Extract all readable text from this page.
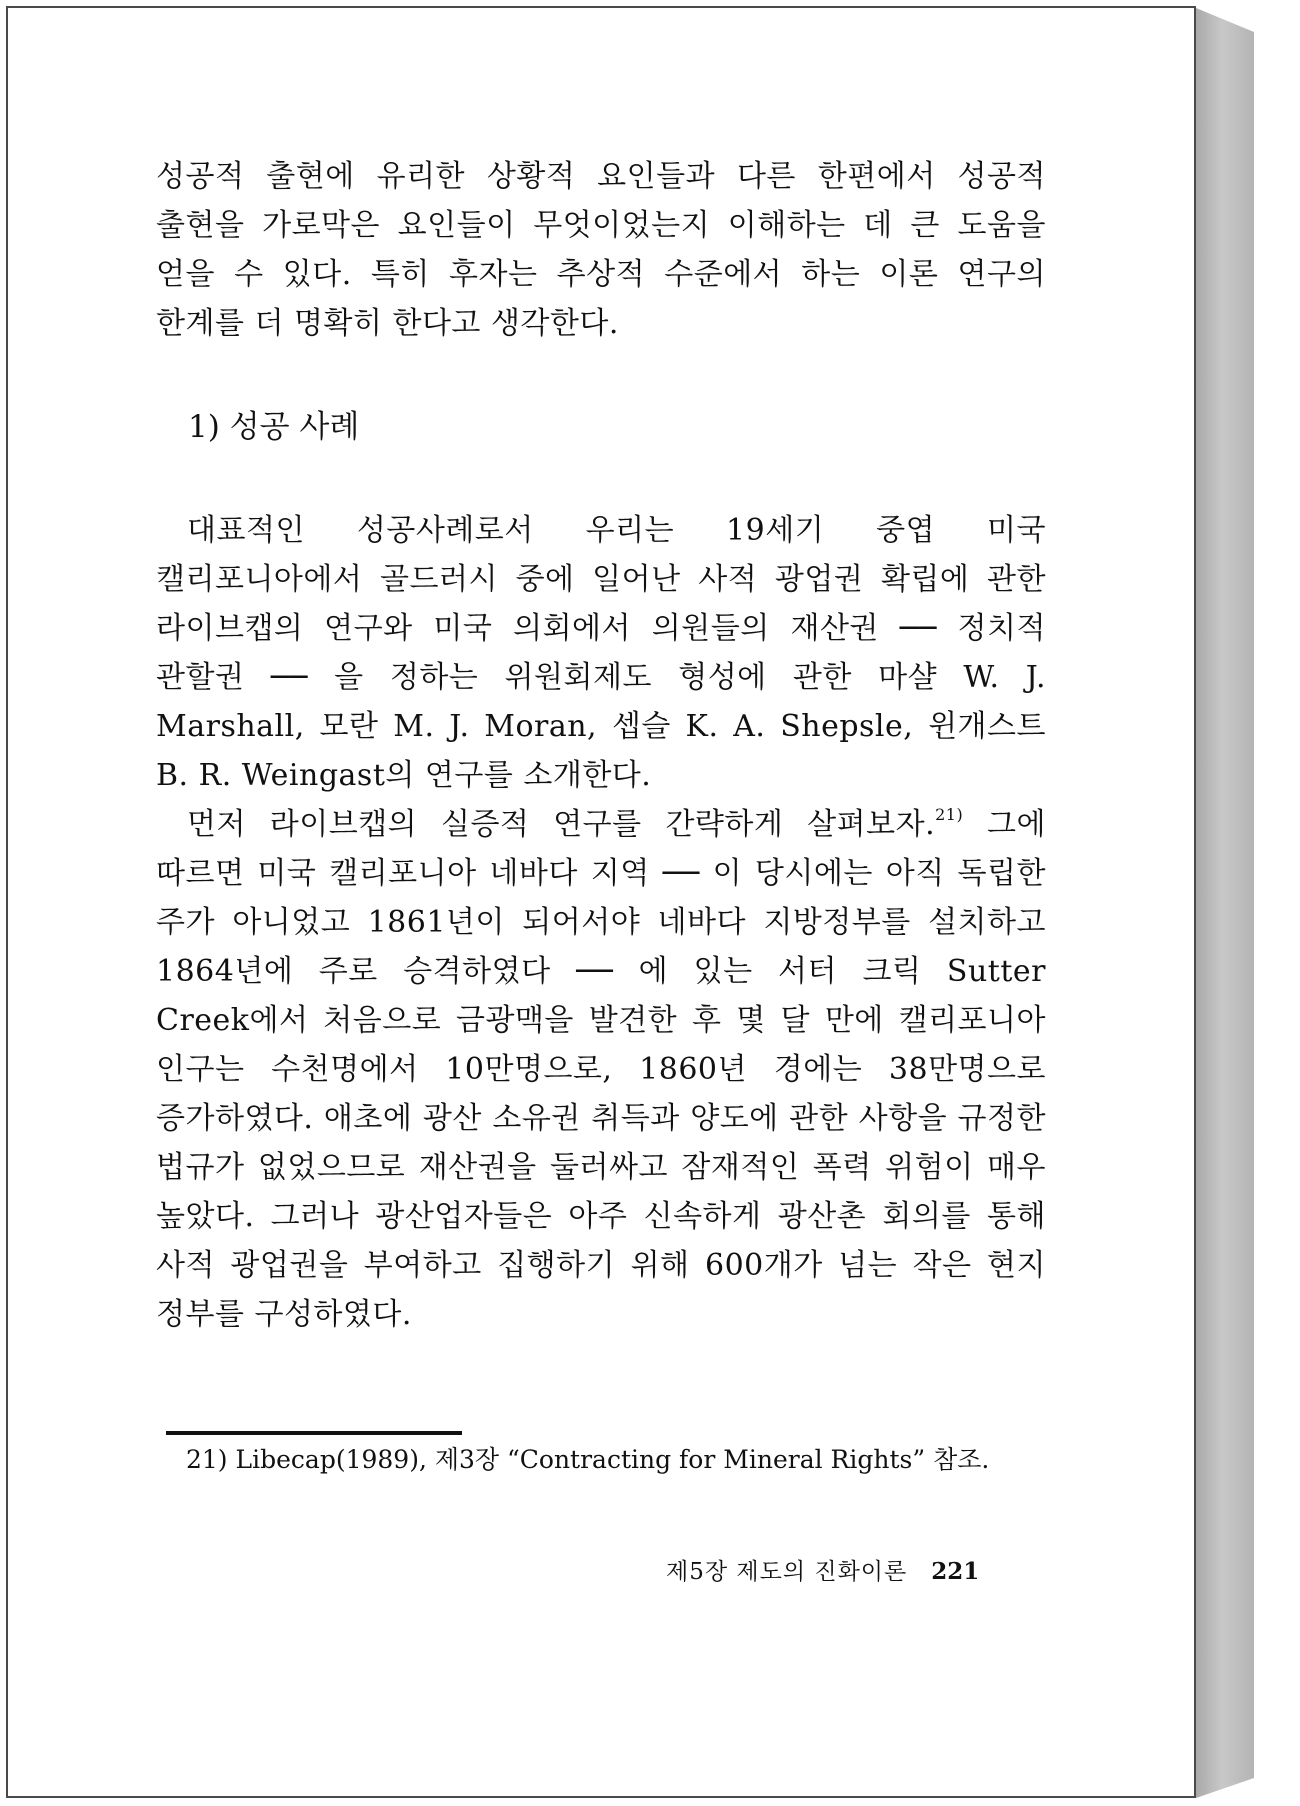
성공적 출현에 유리한 상황적 요인들과 다른 한편에서 성공적 출현을 가로막은 요인들이 무엇이었는지 이해하는 데 큰 도움을 얻을 수 있다. 특히 후자는 추상적 수준에서 하는 이론 연구의 한계를 더 명확히 한다고 생각한다.

1) 성공 사례

대표적인 성공사례로서 우리는 19세기 중엽 미국 캘리포니아에서 골드러시 중에 일어난 사적 광업권 확립에 관한 라이브캡의 연구와 미국 의회에서 의원들의 재산권 ── 정치적 관할권 ── 을 정하는 위원회제도 형성에 관한 마샬 W. J. Marshall, 모란 M. J. Moran, 셉슬 K. A. Shepsle, 윈개스트 B. R. Weingast의 연구를 소개한다.

먼저 라이브캡의 실증적 연구를 간략하게 살펴보자.$^{21)}$ 그에 따르면 미국 캘리포니아 네바다 지역 ── 이 당시에는 아직 독립한 주가 아니었고 1861년이 되어서야 네바다 지방정부를 설치하고 1864년에 주로 승격하였다 ── 에 있는 서터 크릭 Sutter Creek에서 처음으로 금광맥을 발견한 후 몇 달 만에 캘리포니아 인구는 수천명에서 10만명으로, 1860년 경에는 38만명으로 증가하였다. 애초에 광산 소유권 취득과 양도에 관한 사항을 규정한 법규가 없었으므로 재산권을 둘러싸고 잠재적인 폭력 위험이 매우 높았다. 그러나 광산업자들은 아주 신속하게 광산촌 회의를 통해 사적 광업권을 부여하고 집행하기 위해 600개가 넘는 작은 현지 정부를 구성하였다.

21) Libecap(1989), 제3장 “Contracting for Mineral Rights” 참조.

제5장 제도의 진화이론 221
